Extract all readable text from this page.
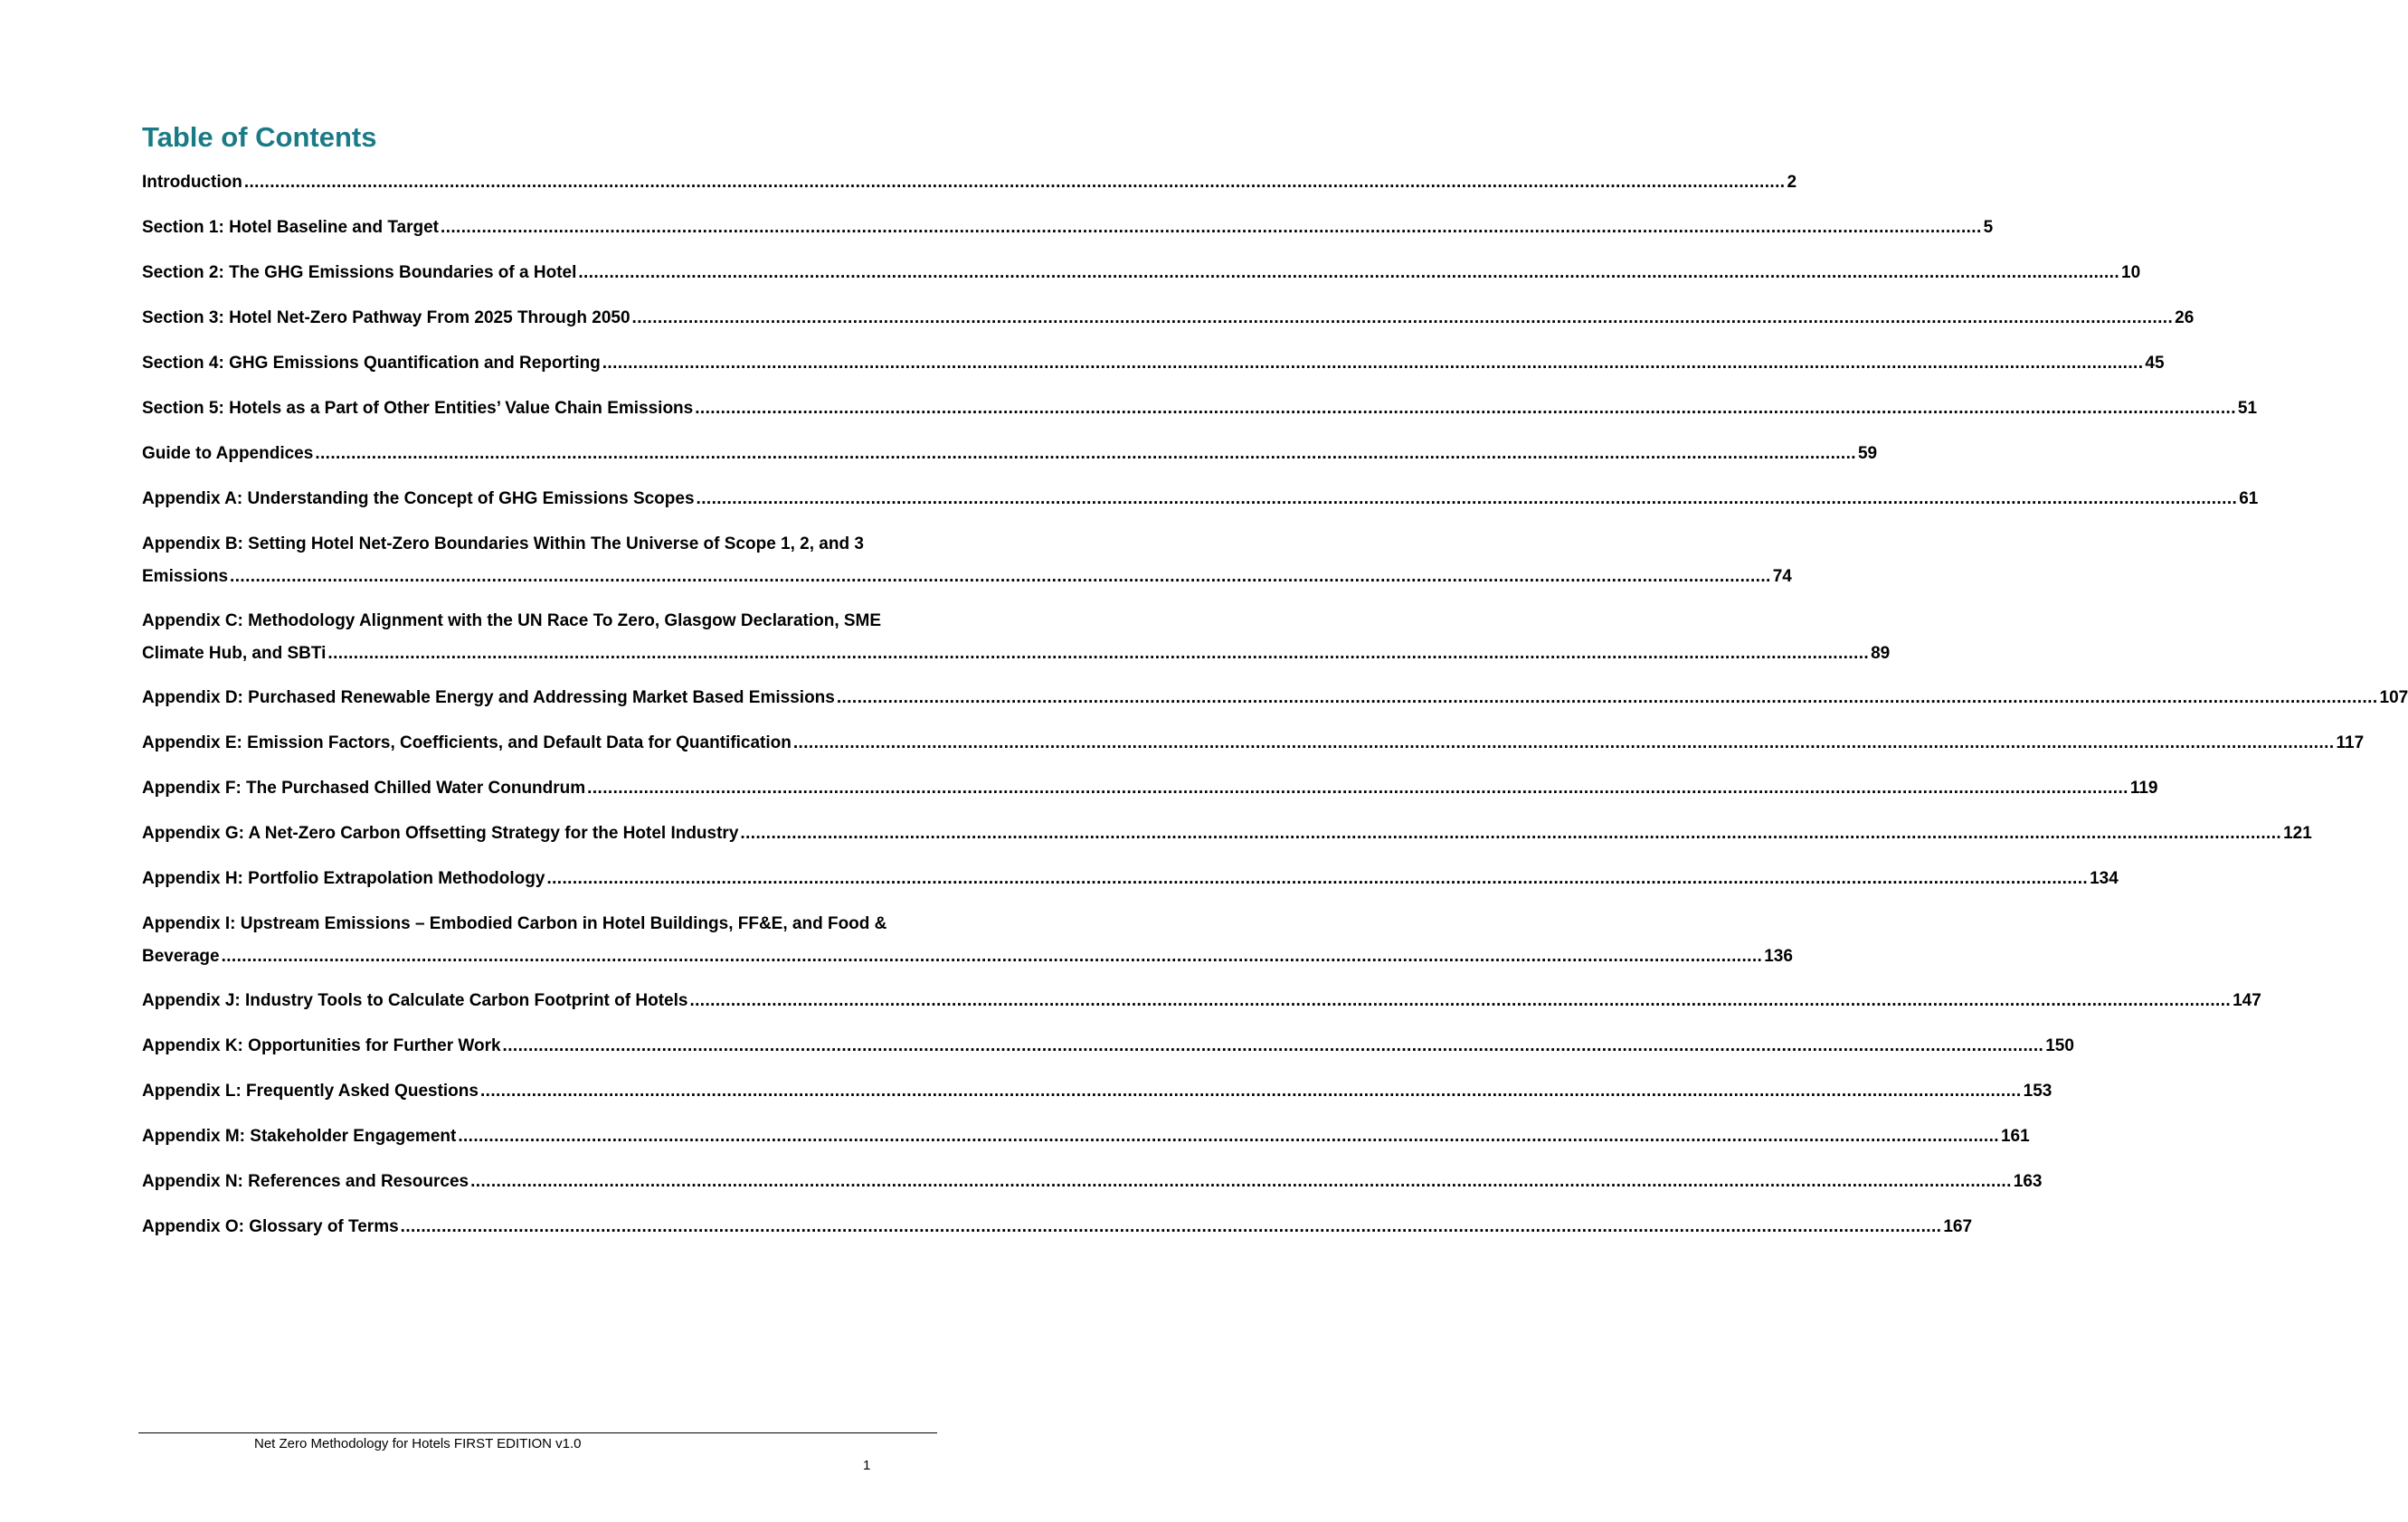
Table of Contents
Introduction ............................................................................................................................................................................................................................................................................................................ 2
Section 1: Hotel Baseline and Target ............................................................................................................................................................................................................................................................................................................ 5
Section 2: The GHG Emissions Boundaries of a Hotel ............................................................................................................................................................................................................................................................................................................ 10
Section 3: Hotel Net-Zero Pathway From 2025 Through 2050 ............................................................................................................................................................................................................................................................................................................ 26
Section 4: GHG Emissions Quantification and Reporting ............................................................................................................................................................................................................................................................................................................ 45
Section 5: Hotels as a Part of Other Entities’ Value Chain Emissions ............................................................................................................................................................................................................................................................................................................ 51
Guide to Appendices ............................................................................................................................................................................................................................................................................................................ 59
Appendix A: Understanding the Concept of GHG Emissions Scopes ............................................................................................................................................................................................................................................................................................................ 61
Appendix B: Setting Hotel Net-Zero Boundaries Within The Universe of Scope 1, 2, and 3
Emissions ............................................................................................................................................................................................................................................................................................................ 74
Appendix C: Methodology Alignment with the UN Race To Zero, Glasgow Declaration, SME
Climate Hub, and SBTi ............................................................................................................................................................................................................................................................................................................ 89
Appendix D: Purchased Renewable Energy and Addressing Market Based Emissions ............................................................................................................................................................................................................................................................................................................ 107
Appendix E: Emission Factors, Coefficients, and Default Data for Quantification ............................................................................................................................................................................................................................................................................................................ 117
Appendix F: The Purchased Chilled Water Conundrum ............................................................................................................................................................................................................................................................................................................ 119
Appendix G: A Net-Zero Carbon Offsetting Strategy for the Hotel Industry ............................................................................................................................................................................................................................................................................................................ 121
Appendix H: Portfolio Extrapolation Methodology ............................................................................................................................................................................................................................................................................................................ 134
Appendix I: Upstream Emissions – Embodied Carbon in Hotel Buildings, FF&E, and Food &
Beverage ............................................................................................................................................................................................................................................................................................................ 136
Appendix J: Industry Tools to Calculate Carbon Footprint of Hotels ............................................................................................................................................................................................................................................................................................................ 147
Appendix K: Opportunities for Further Work ............................................................................................................................................................................................................................................................................................................ 150
Appendix L: Frequently Asked Questions ............................................................................................................................................................................................................................................................................................................ 153
Appendix M: Stakeholder Engagement ............................................................................................................................................................................................................................................................................................................ 161
Appendix N: References and Resources ............................................................................................................................................................................................................................................................................................................ 163
Appendix O: Glossary of Terms ............................................................................................................................................................................................................................................................................................................ 167
Net Zero Methodology for Hotels FIRST EDITION v1.0
1
